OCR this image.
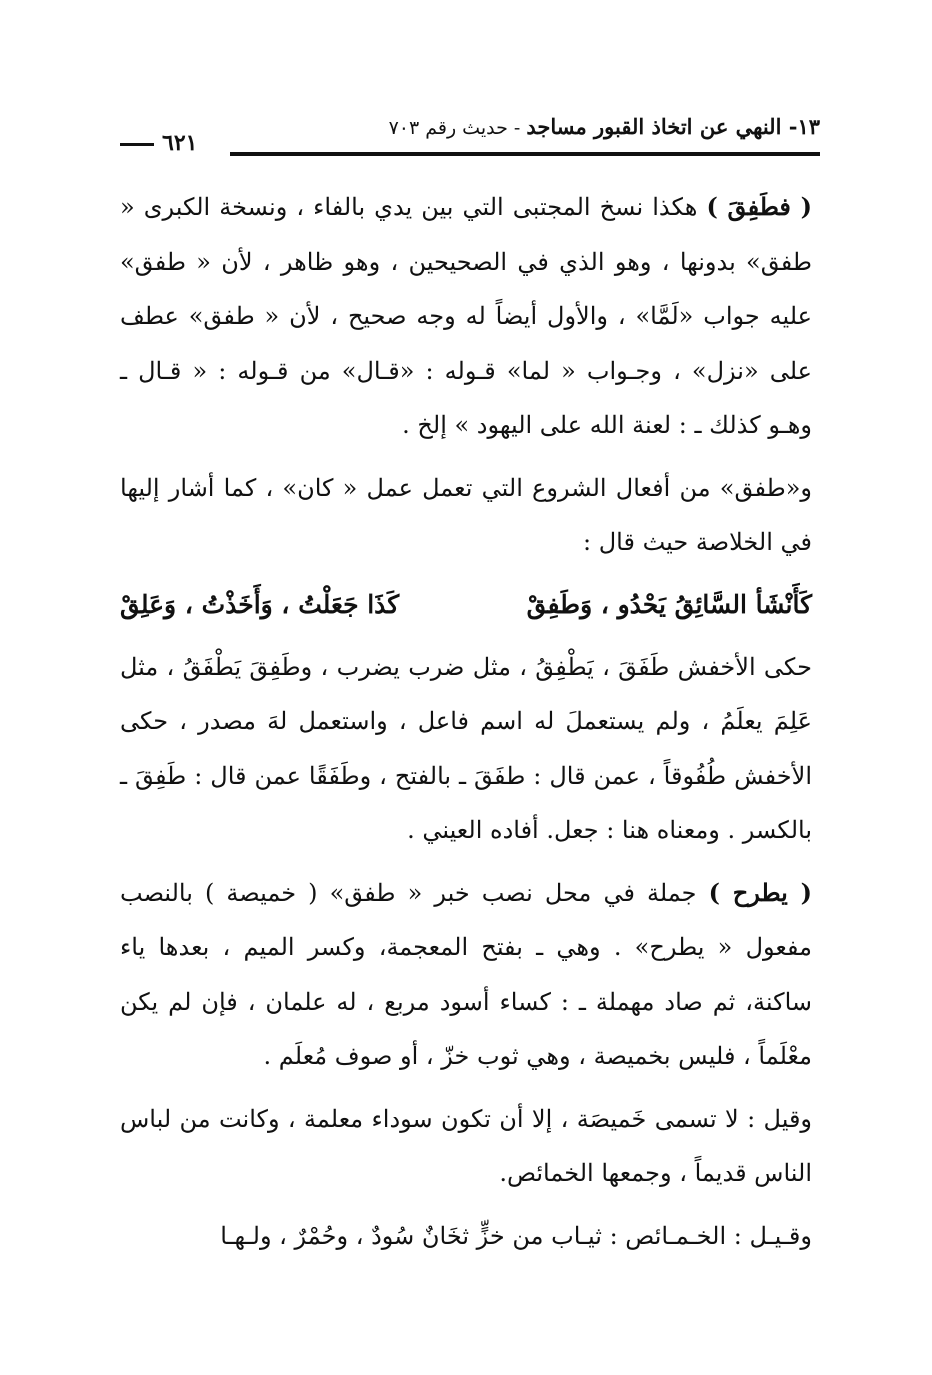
١٣- النهي عن اتخاذ القبور مساجد - حديث رقم ٧٠٣
٦٢١

( فطَفِقَ ) هكذا نسخ المجتبى التي بين يدي بالفاء ، ونسخة الكبرى « طفق» بدونها ، وهو الذي في الصحيحين ، وهو ظاهر ، لأن « طفق» عليه جواب «لَمَّا» ، والأول أيضاً له وجه صحيح ، لأن « طفق» عطف على «نزل» ، وجـواب « لما» قـوله : «قـال» من قـوله : « قـال ـ وهـو كذلك ـ : لعنة الله على اليهود » إلخ .

و«طفق» من أفعال الشروع التي تعمل عمل « كان» ، كما أشار إليها في الخلاصة حيث قال :

كَأَنْشَأ السَّائِقُ يَحْدُو ، وَطَفِقْ
كَذَا جَعَلْتُ ، وَأَخَذْتُ ، وَعَلِقْ

حكى الأخفش طَفَقَ ، يَطْفِقُ ، مثل ضرب يضرب ، وطَفِقَ يَطْفَقُ ، مثل عَلِمَ يعلَمُ ، ولم يستعملَ له اسم فاعل ، واستعمل لهَ مصدر ، حكى الأخفش طُفُوقاً ، عمن قال : طفَقَ ـ بالفتح ، وطَفَقًا عمن قال : طَفِقَ ـ بالكسر . ومعناه هنا : جعل. أفاده العيني .

( يطرح ) جملة في محل نصب خبر « طفق» ( خميصة ) بالنصب مفعول « يطرح» . وهي ـ بفتح المعجمة، وكسر الميم ، بعدها ياء ساكنة، ثم صاد مهملة ـ : كساء أسود مربع ، له علمان ، فإن لم يكن معْلَماً ، فليس بخميصة ، وهي ثوب خزّ ، أو صوف مُعلَم .

وقيل : لا تسمى خَميصَة ، إلا أن تكون سوداء معلمة ، وكانت من لباس الناس قديماً ، وجمعها الخمائص.

وقـيـل : الخـمـائص : ثيـاب من خزٍّ ثخَانٌ سُودٌ ، وحُمْرٌ ، ولـهـا
